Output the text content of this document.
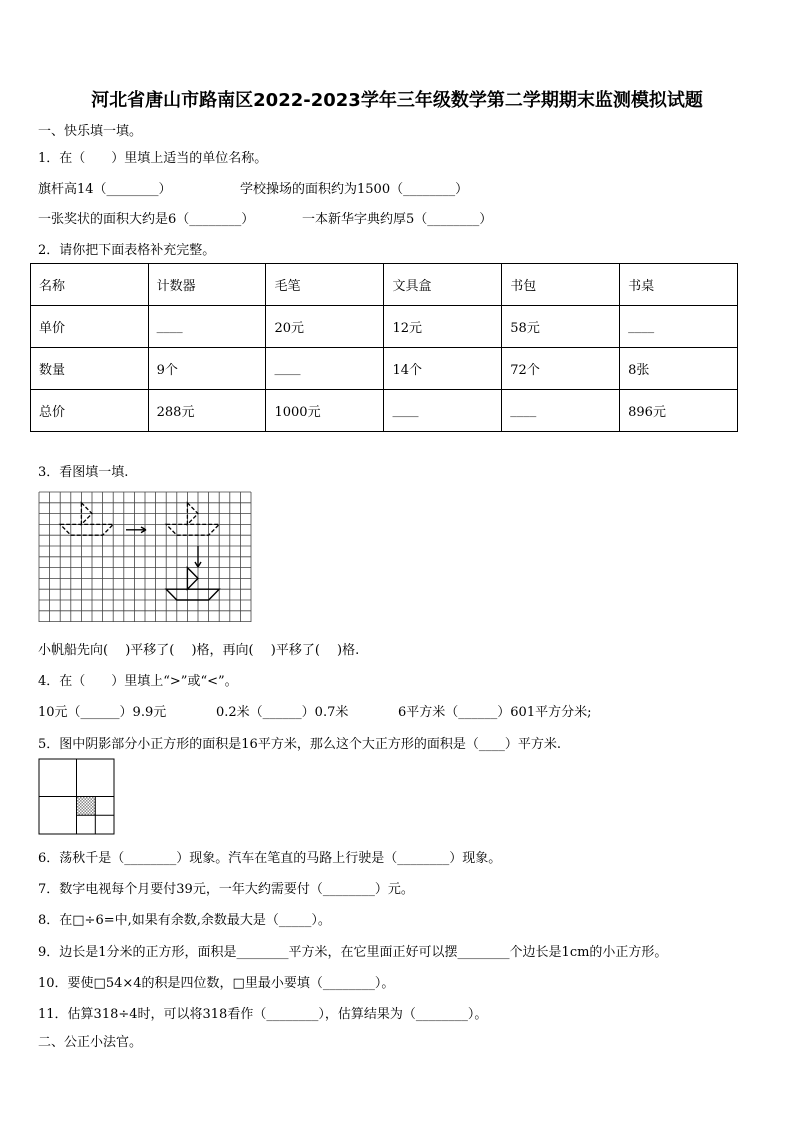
河北省唐山市路南区2022-2023学年三年级数学第二学期期末监测模拟试题
一、快乐填一填。
1．在（　　）里填上适当的单位名称。
旗杆高14（________）	学校操场的面积约为1500（________）
一张奖状的面积大约是6（________）	一本新华字典约厚5（________）
2．请你把下面表格补充完整。
名称	计数器	毛笔	文具盒	书包	书桌
单价	____	20元	12元	58元	____
数量	9个	____	14个	72个	8张
总价	288元	1000元	____	____	896元
3．看图填一填.
小帆船先向(　 )平移了(　 )格，再向(　 )平移了(　 )格.
4．在（　　）里填上“>”或“<”。
10元（______）9.9元	0.2米（______）0.7米	6平方米（______）601平方分米;
5．图中阴影部分小正方形的面积是16平方米，那么这个大正方形的面积是（____）平方米.
6．荡秋千是（________）现象。汽车在笔直的马路上行驶是（________）现象。
7．数字电视每个月要付39元，一年大约需要付（________）元。
8．在□÷6=中,如果有余数,余数最大是（_____）。
9．边长是1分米的正方形，面积是________平方米，在它里面正好可以摆________个边长是1cm的小正方形。
10．要使□54×4的积是四位数，□里最小要填（________）。
11．估算318÷4时，可以将318看作（________），估算结果为（________）。
二、公正小法官。
